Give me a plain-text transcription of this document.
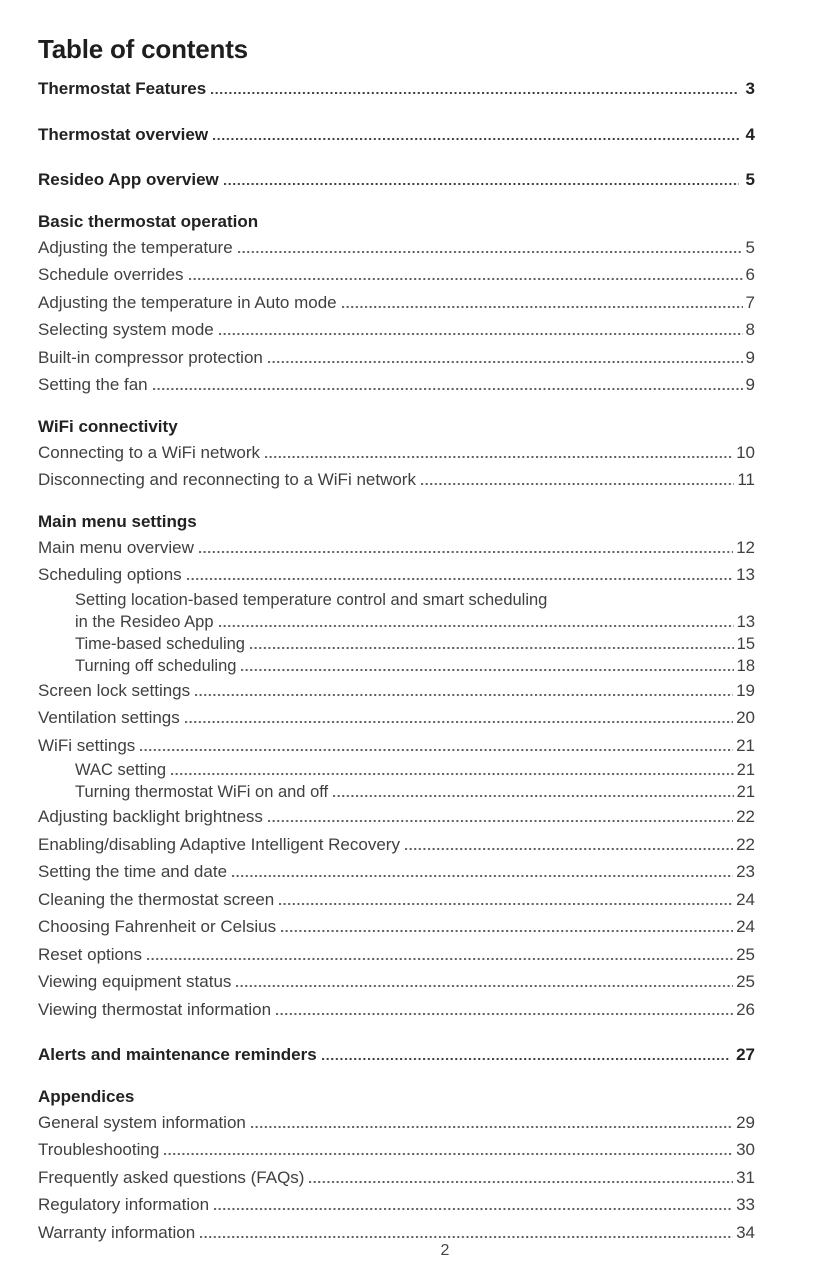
Table of contents
Thermostat Features	3
Thermostat overview	4
Resideo App overview	5
Basic thermostat operation
Adjusting the temperature	5
Schedule overrides	6
Adjusting the temperature in Auto mode	7
Selecting system mode	8
Built-in compressor protection	9
Setting the fan	9
WiFi connectivity
Connecting to a WiFi network	10
Disconnecting and reconnecting to a WiFi network	11
Main menu settings
Main menu overview	12
Scheduling options	13
Setting location-based temperature control and smart scheduling
in the Resideo App	13
Time-based scheduling	15
Turning off scheduling	18
Screen lock settings	19
Ventilation settings	20
WiFi settings	21
WAC setting	21
Turning thermostat WiFi on and off	21
Adjusting backlight brightness	22
Enabling/disabling Adaptive Intelligent Recovery	22
Setting the time and date	23
Cleaning the thermostat screen	24
Choosing Fahrenheit or Celsius	24
Reset options	25
Viewing equipment status	25
Viewing thermostat information	26
Alerts and maintenance reminders	27
Appendices
General system information	29
Troubleshooting	30
Frequently asked questions (FAQs)	31
Regulatory information	33
Warranty information	34
2
